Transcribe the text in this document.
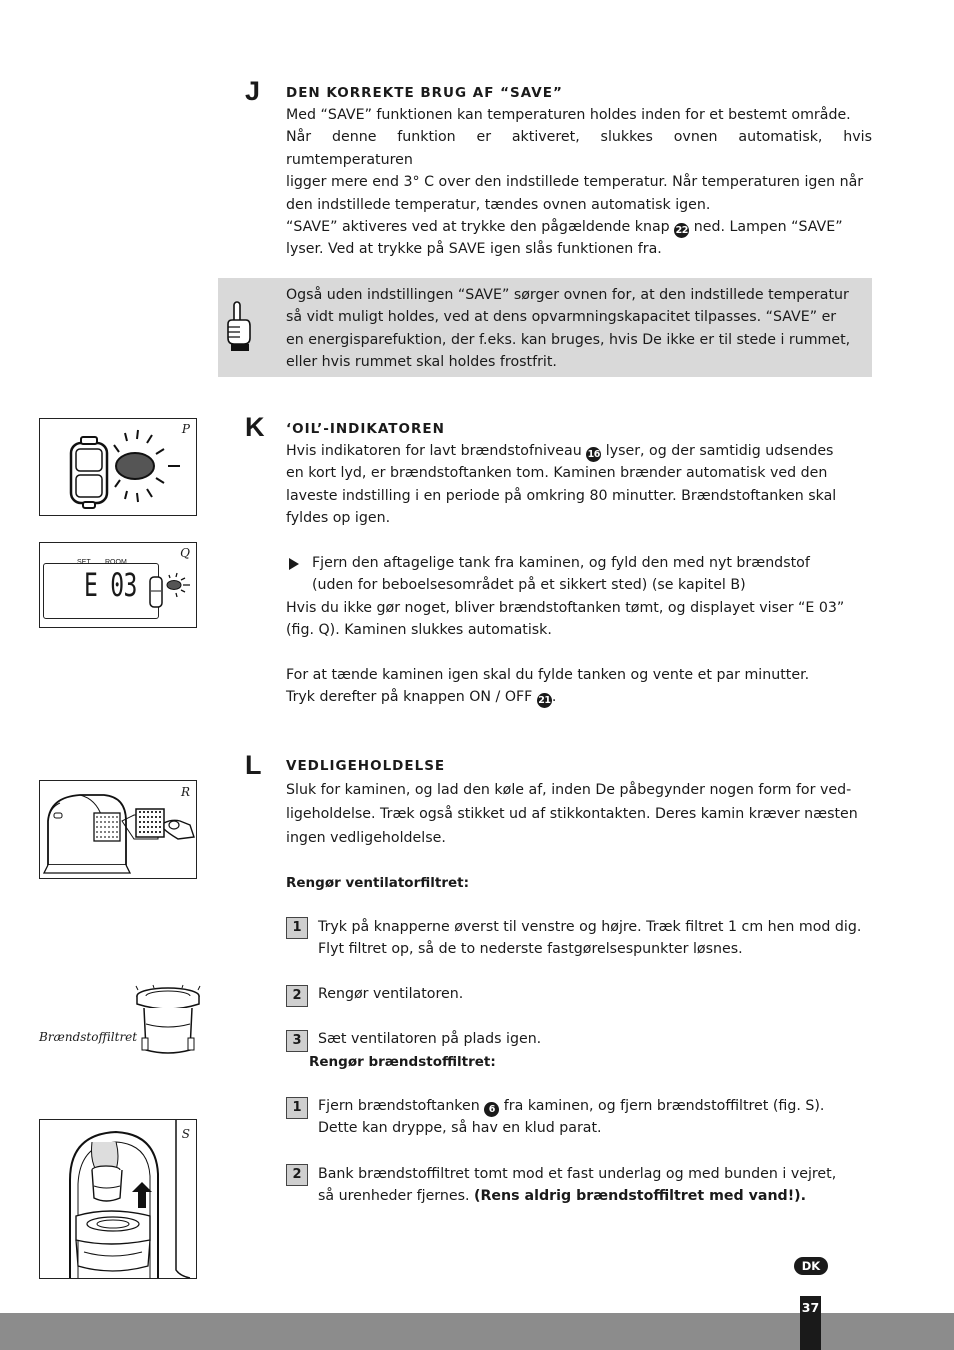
J DEN KORREKTE BRUG AF “SAVE”
Med “SAVE” funktionen kan temperaturen holdes inden for et bestemt område.
Når denne funktion er aktiveret, slukkes ovnen automatisk, hvis rumtemperaturen
ligger mere end 3° C over den indstillede temperatur. Når temperaturen igen når
den indstillede temperatur, tændes ovnen automatisk igen.
“SAVE” aktiveres ved at trykke den pågældende knap 22 ned. Lampen “SAVE”
lyser. Ved at trykke på SAVE igen slås funktionen fra.
Også uden indstillingen “SAVE” sørger ovnen for, at den indstillede temperatur
så vidt muligt holdes, ved at dens opvarmningskapacitet tilpasses. “SAVE” er
en energisparefuktion, der f.eks. kan bruges, hvis De ikke er til stede i rummet,
eller hvis rummet skal holdes frostfrit.
P K ‘OIL’-INDIKATOREN
Hvis indikatoren for lavt brændstofniveau 16 lyser, og der samtidig udsendes
en kort lyd, er brændstoftanken tom. Kaminen brænder automatisk ved den
laveste indstilling i en periode på omkring 80 minutter. Brændstoftanken skal
fyldes op igen.
Fjern den aftagelige tank fra kaminen, og fyld den med nyt brændstof
(uden for beboelsesområdet på et sikkert sted) (se kapitel B)
Hvis du ikke gør noget, bliver brændstoftanken tømt, og displayet viser “E 03”
(fig. Q). Kaminen slukkes automatisk.
For at tænde kaminen igen skal du fylde tanken og vente et par minutter.
Tryk derefter på knappen ON / OFF 21.
Q
SET ROOM
E 03
L VEDLIGEHOLDELSE
Sluk for kaminen, og lad den køle af, inden De påbegynder nogen form for ved-
ligeholdelse. Træk også stikket ud af stikkontakten. Deres kamin kræver næsten
ingen vedligeholdelse.
R
Rengør ventilatorfiltret:
1	Tryk på knapperne øverst til venstre og højre. Træk filtret 1 cm hen mod dig.
Flyt filtret op, så de to nederste fastgørelsespunkter løsnes.
2	Rengør ventilatoren.
3	Sæt ventilatoren på plads igen.
Brændstoffiltret
Rengør brændstoffiltret:
1	Fjern brændstoftanken 6 fra kaminen, og fjern brændstoffiltret (fig. S).
Dette kan dryppe, så hav en klud parat.
2	Bank brændstoffiltret tomt mod et fast underlag og med bunden i vejret,
så urenheder fjernes. (Rens aldrig brændstoffiltret med vand!).
S
DK
37
